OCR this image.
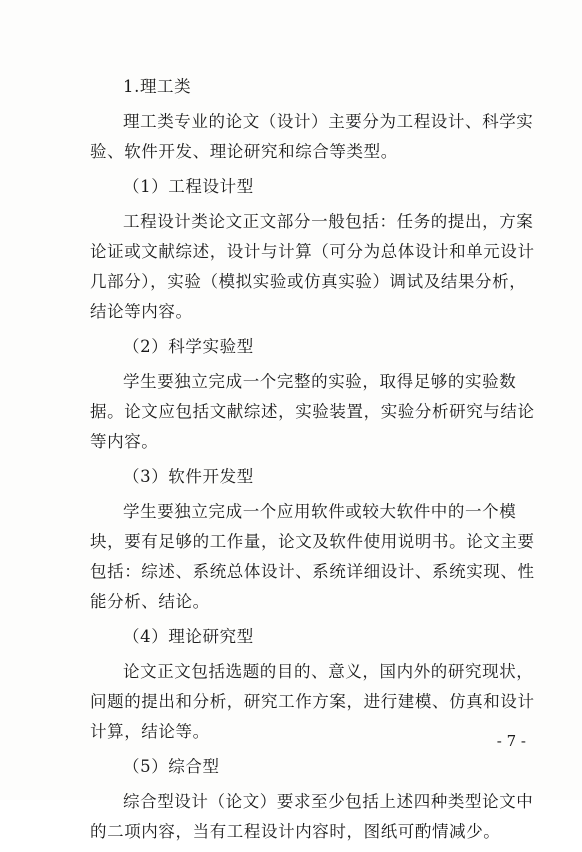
1.理工类
理工类专业的论文（设计）主要分为工程设计、科学实
验、软件开发、理论研究和综合等类型。
（1）工程设计型
工程设计类论文正文部分一般包括：任务的提出，方案
论证或文献综述，设计与计算（可分为总体设计和单元设计
几部分），实验（模拟实验或仿真实验）调试及结果分析，
结论等内容。
（2）科学实验型
学生要独立完成一个完整的实验，取得足够的实验数
据。论文应包括文献综述，实验装置，实验分析研究与结论
等内容。
（3）软件开发型
学生要独立完成一个应用软件或较大软件中的一个模
块，要有足够的工作量，论文及软件使用说明书。论文主要
包括：综述、系统总体设计、系统详细设计、系统实现、性
能分析、结论。
（4）理论研究型
论文正文包括选题的目的、意义，国内外的研究现状，
问题的提出和分析，研究工作方案，进行建模、仿真和设计
计算，结论等。
（5）综合型
综合型设计（论文）要求至少包括上述四种类型论文中
的二项内容，当有工程设计内容时，图纸可酌情减少。
- 7 -
